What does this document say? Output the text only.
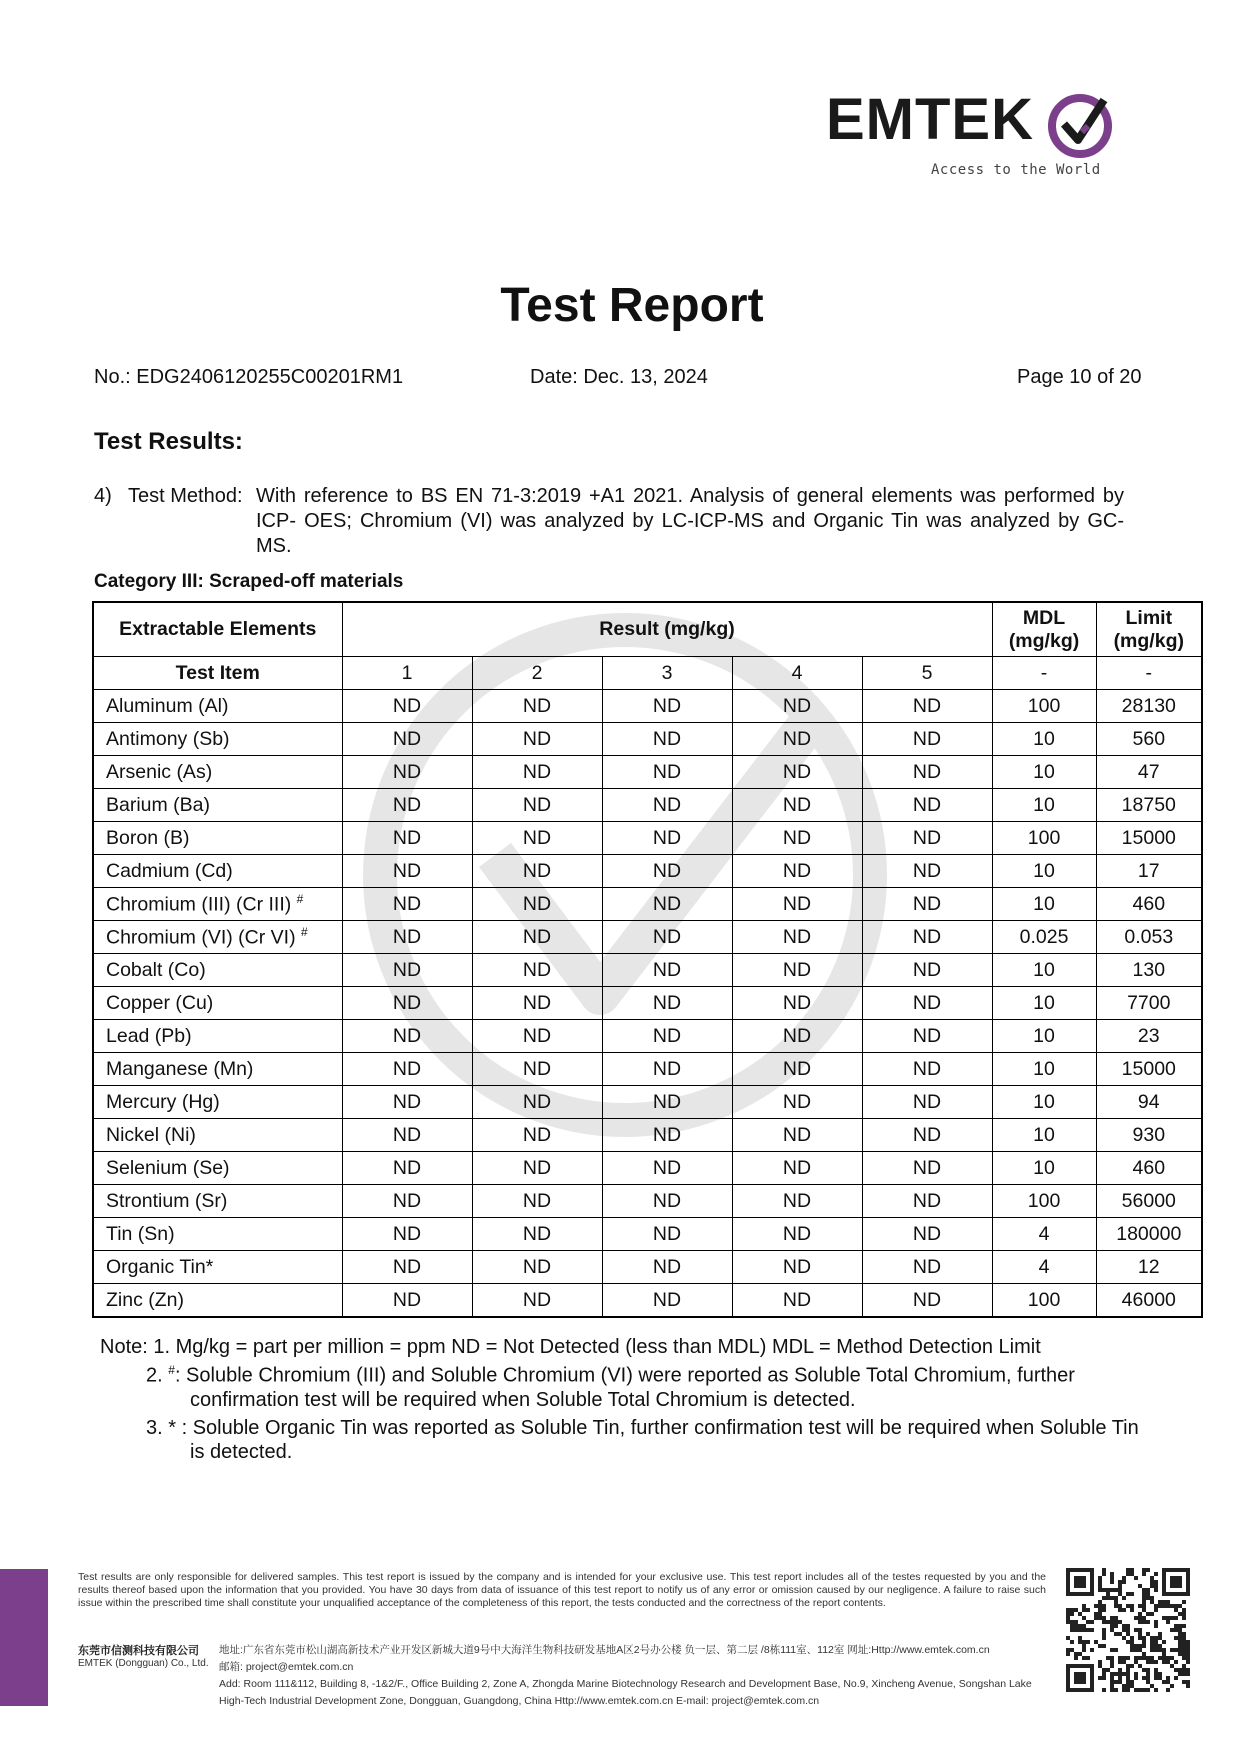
EMTEK
Access to the World
Test Report
No.: EDG2406120255C00201RM1	Date: Dec. 13, 2024	Page 10 of 20
Test Results:
4) Test Method: With reference to BS EN 71-3:2019 +A1 2021. Analysis of general elements was performed by ICP- OES; Chromium (VI) was analyzed by LC-ICP-MS and Organic Tin was analyzed by GC-MS.
Category III: Scraped-off materials
Extractable Elements	Result (mg/kg)					MDL (mg/kg)	Limit (mg/kg)
Test Item	1	2	3	4	5	-	-
Aluminum (Al)	ND	ND	ND	ND	ND	100	28130
Antimony (Sb)	ND	ND	ND	ND	ND	10	560
Arsenic (As)	ND	ND	ND	ND	ND	10	47
Barium (Ba)	ND	ND	ND	ND	ND	10	18750
Boron (B)	ND	ND	ND	ND	ND	100	15000
Cadmium (Cd)	ND	ND	ND	ND	ND	10	17
Chromium (III) (Cr III) #	ND	ND	ND	ND	ND	10	460
Chromium (VI) (Cr VI) #	ND	ND	ND	ND	ND	0.025	0.053
Cobalt (Co)	ND	ND	ND	ND	ND	10	130
Copper (Cu)	ND	ND	ND	ND	ND	10	7700
Lead (Pb)	ND	ND	ND	ND	ND	10	23
Manganese (Mn)	ND	ND	ND	ND	ND	10	15000
Mercury (Hg)	ND	ND	ND	ND	ND	10	94
Nickel (Ni)	ND	ND	ND	ND	ND	10	930
Selenium (Se)	ND	ND	ND	ND	ND	10	460
Strontium (Sr)	ND	ND	ND	ND	ND	100	56000
Tin (Sn)	ND	ND	ND	ND	ND	4	180000
Organic Tin*	ND	ND	ND	ND	ND	4	12
Zinc (Zn)	ND	ND	ND	ND	ND	100	46000
Note: 1. Mg/kg = part per million = ppm ND = Not Detected (less than MDL) MDL = Method Detection Limit
2. #: Soluble Chromium (III) and Soluble Chromium (VI) were reported as Soluble Total Chromium, further confirmation test will be required when Soluble Total Chromium is detected.
3. * : Soluble Organic Tin was reported as Soluble Tin, further confirmation test will be required when Soluble Tin is detected.
Test results are only responsible for delivered samples. This test report is issued by the company and is intended for your exclusive use. This test report includes all of the testes requested by you and the results thereof based upon the information that you provided. You have 30 days from data of issuance of this test report to notify us of any error or omission caused by our negligence. A failure to raise such issue within the prescribed time shall constitute your unqualified acceptance of the completeness of this report, the tests conducted and the correctness of the report contents.
东莞市信测科技有限公司
EMTEK (Dongguan) Co., Ltd.
地址:广东省东莞市松山湖高新技术产业开发区新城大道9号中大海洋生物科技研发基地A区2号办公楼 负一层、第二层 /8栋111室、112室 网址:Http://www.emtek.com.cn
邮箱: project@emtek.com.cn
Add: Room 111&112, Building 8, -1&2/F., Office Building 2, Zone A, Zhongda Marine Biotechnology Research and Development Base, No.9, Xincheng Avenue, Songshan Lake
High-Tech Industrial Development Zone, Dongguan, Guangdong, China Http://www.emtek.com.cn E-mail: project@emtek.com.cn
